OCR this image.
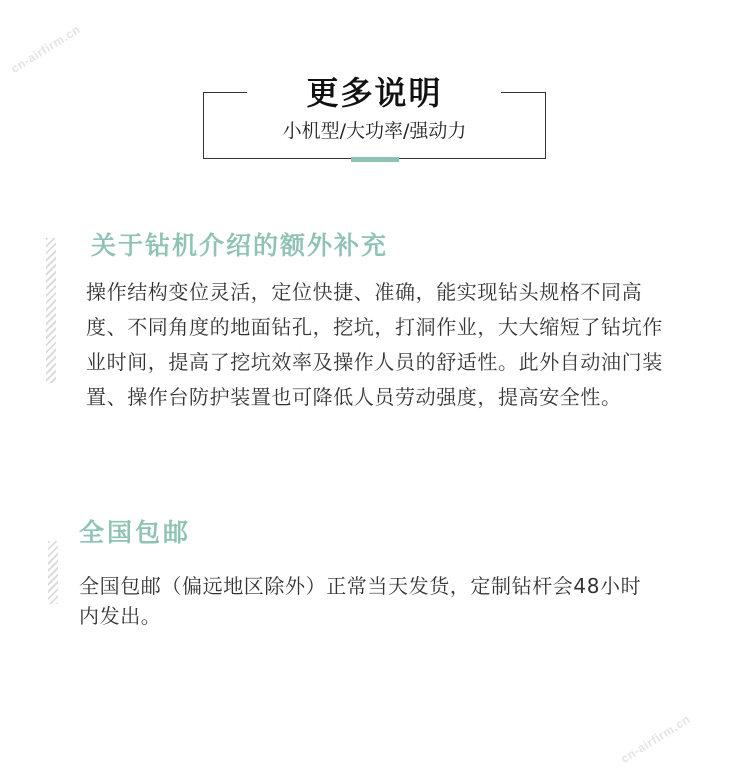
cn-airfirm.cn
cn-airfirm.cn
更多说明
小机型/大功率/强动力
关于钻机介绍的额外补充
操作结构变位灵活，定位快捷、准确，能实现钻头规格不同高度、不同角度的地面钻孔，挖坑，打洞作业，大大缩短了钻坑作业时间，提高了挖坑效率及操作人员的舒适性。此外自动油门装置、操作台防护装置也可降低人员劳动强度，提高安全性。
全国包邮
全国包邮（偏远地区除外）正常当天发货，定制钻杆会48小时内发出。
